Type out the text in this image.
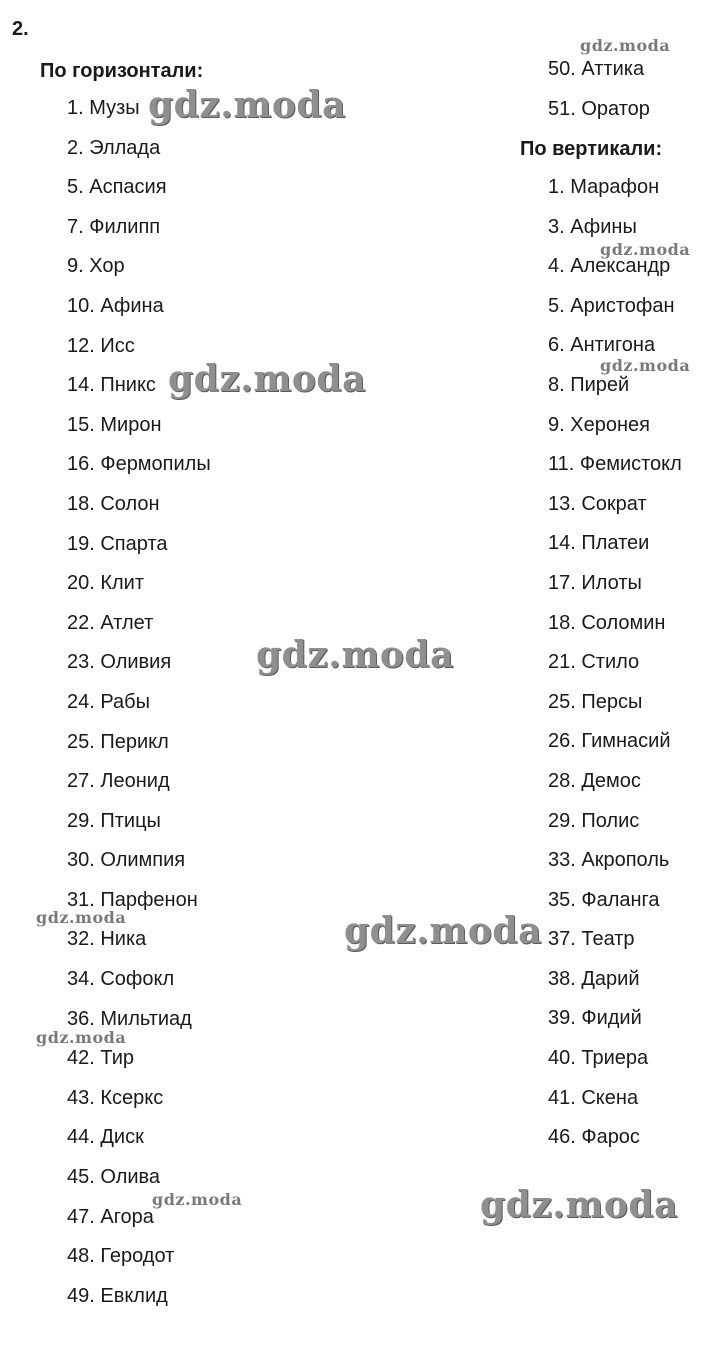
2.
По горизонтали:
1. Музы
2. Эллада
5. Аспасия
7. Филипп
9. Хор
10. Афина
12. Исс
14. Пникс
15. Мирон
16. Фермопилы
18. Солон
19. Спарта
20. Клит
22. Атлет
23. Оливия
24. Рабы
25. Перикл
27. Леонид
29. Птицы
30. Олимпия
31. Парфенон
32. Ника
34. Софокл
36. Мильтиад
42. Тир
43. Ксеркс
44. Диск
45. Олива
47. Агора
48. Геродот
49. Евклид
50. Аттика
51. Оратор
По вертикали:
1. Марафон
3. Афины
4. Александр
5. Аристофан
6. Антигона
8. Пирей
9. Херонея
11. Фемистокл
13. Сократ
14. Платеи
17. Илоты
18. Соломин
21. Стило
25. Персы
26. Гимнасий
28. Демос
29. Полис
33. Акрополь
35. Фаланга
37. Театр
38. Дарий
39. Фидий
40. Триера
41. Скена
46. Фарос
gdz.moda
gdz.moda
gdz.moda
gdz.moda
gdz.moda
gdz.moda
gdz.moda	gdz.moda
gdz.moda
gdz.moda	gdz.moda
